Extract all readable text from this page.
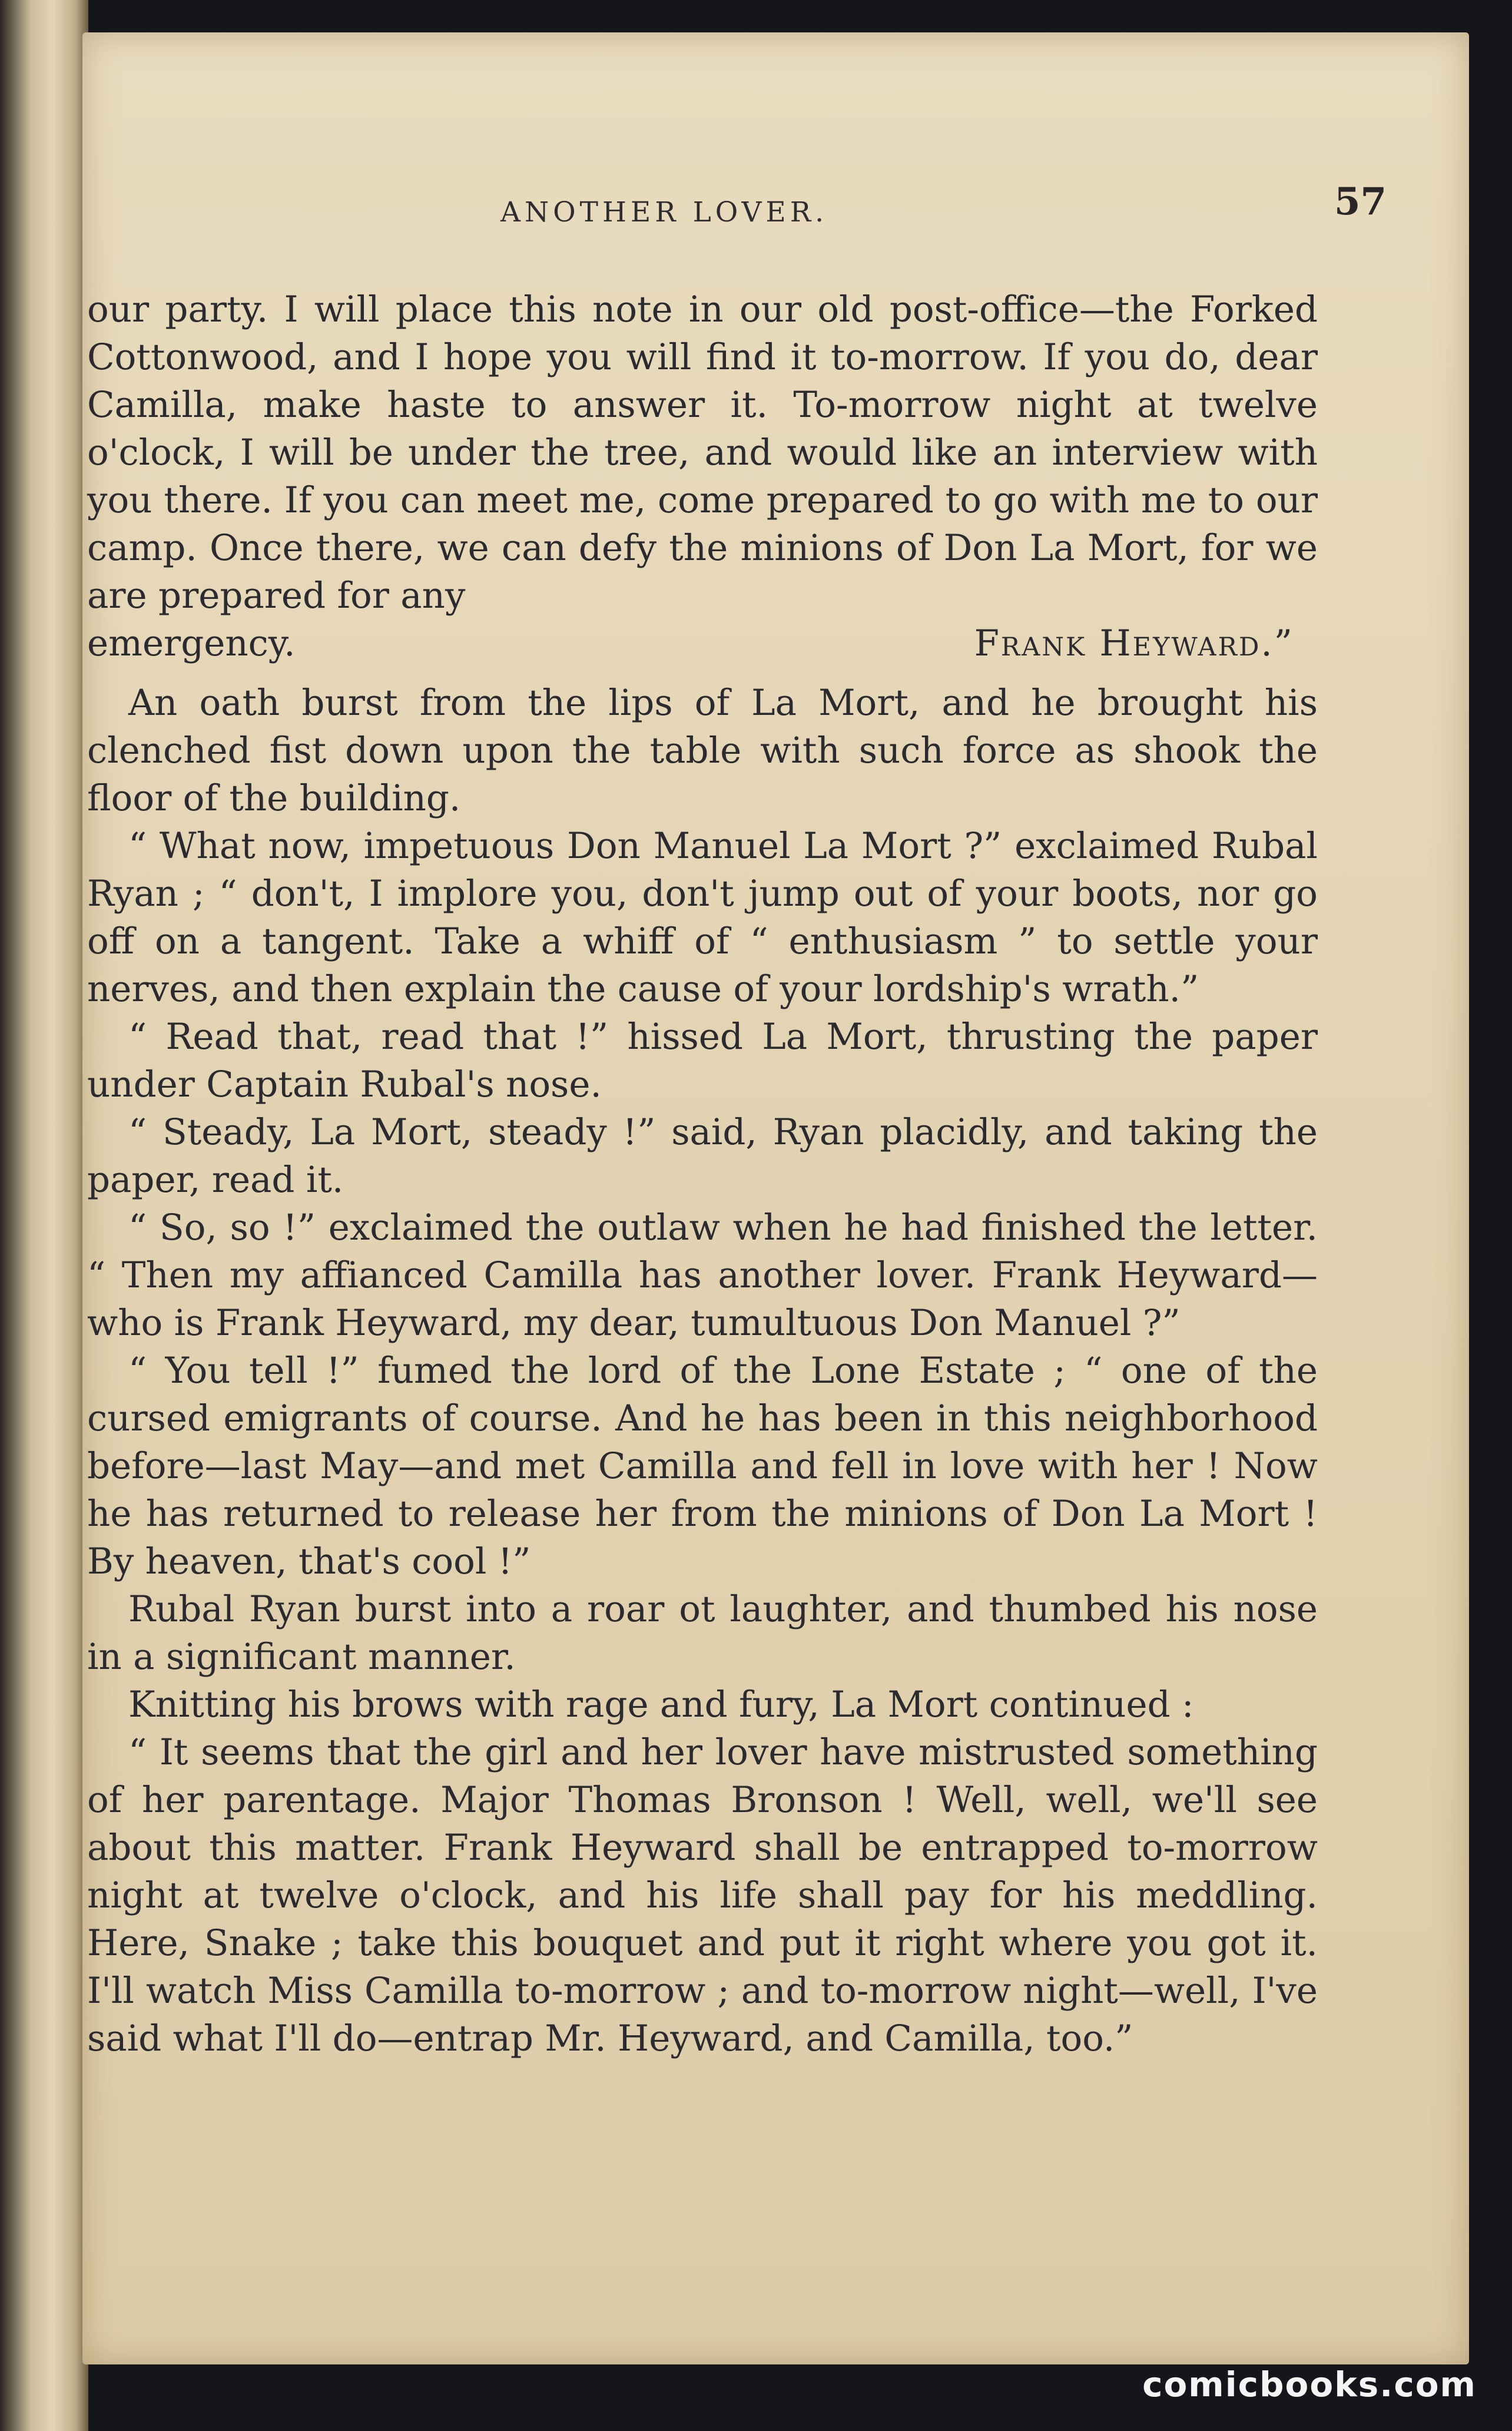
ANOTHER LOVER.	57

our party. I will place this note in our old post-office—the Forked Cottonwood, and I hope you will find it to-morrow. If you do, dear Camilla, make haste to answer it. To-morrow night at twelve o'clock, I will be under the tree, and would like an interview with you there. If you can meet me, come prepared to go with me to our camp. Once there, we can defy the minions of Don La Mort, for we are prepared for any

emergency.	Frank Heyward.”

An oath burst from the lips of La Mort, and he brought his clenched fist down upon the table with such force as shook the floor of the building.

“ What now, impetuous Don Manuel La Mort ?” exclaimed Rubal Ryan ; “ don't, I implore you, don't jump out of your boots, nor go off on a tangent. Take a whiff of “ enthusiasm ” to settle your nerves, and then explain the cause of your lordship's wrath.”

“ Read that, read that !” hissed La Mort, thrusting the paper under Captain Rubal's nose.

“ Steady, La Mort, steady !” said, Ryan placidly, and taking the paper, read it.

“ So, so !” exclaimed the outlaw when he had finished the letter. “ Then my affianced Camilla has another lover. Frank Heyward—who is Frank Heyward, my dear, tumultuous Don Manuel ?”

“ You tell !” fumed the lord of the Lone Estate ; “ one of the cursed emigrants of course. And he has been in this neighborhood before—last May—and met Camilla and fell in love with her ! Now he has returned to release her from the minions of Don La Mort ! By heaven, that's cool !”

Rubal Ryan burst into a roar ot laughter, and thumbed his nose in a significant manner.

Knitting his brows with rage and fury, La Mort continued :

“ It seems that the girl and her lover have mistrusted something of her parentage. Major Thomas Bronson ! Well, well, we'll see about this matter. Frank Heyward shall be entrapped to-morrow night at twelve o'clock, and his life shall pay for his meddling. Here, Snake ; take this bouquet and put it right where you got it. I'll watch Miss Camilla to-morrow ; and to-morrow night—well, I've said what I'll do—entrap Mr. Heyward, and Camilla, too.”

comicbooks.com
